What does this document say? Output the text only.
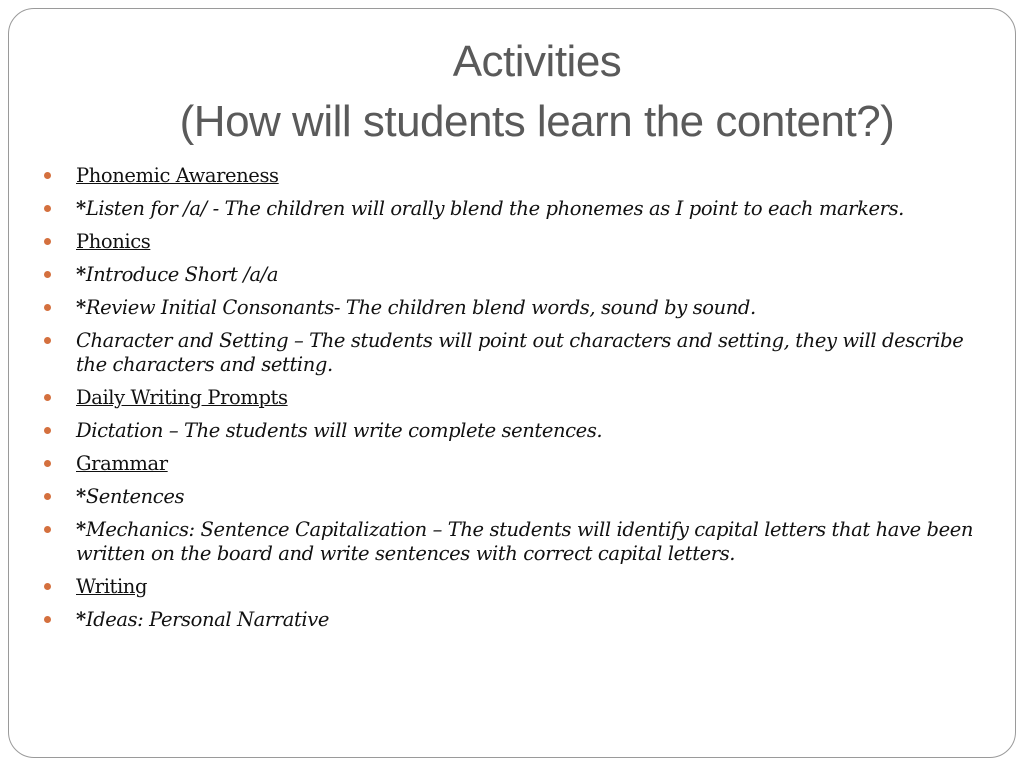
Activities
(How will students learn the content?)
Phonemic Awareness
*Listen for /a/ - The children will orally blend the phonemes as I point to each markers.
Phonics
*Introduce Short /a/a
*Review Initial Consonants- The children blend words, sound by sound.
Character and Setting – The students will point out characters and setting, they will describe the characters and setting.
Daily Writing Prompts
Dictation – The students will write complete sentences.
Grammar
*Sentences
*Mechanics: Sentence Capitalization – The students will identify capital letters that have been written on the board and write sentences with correct capital letters.
Writing
*Ideas: Personal Narrative
